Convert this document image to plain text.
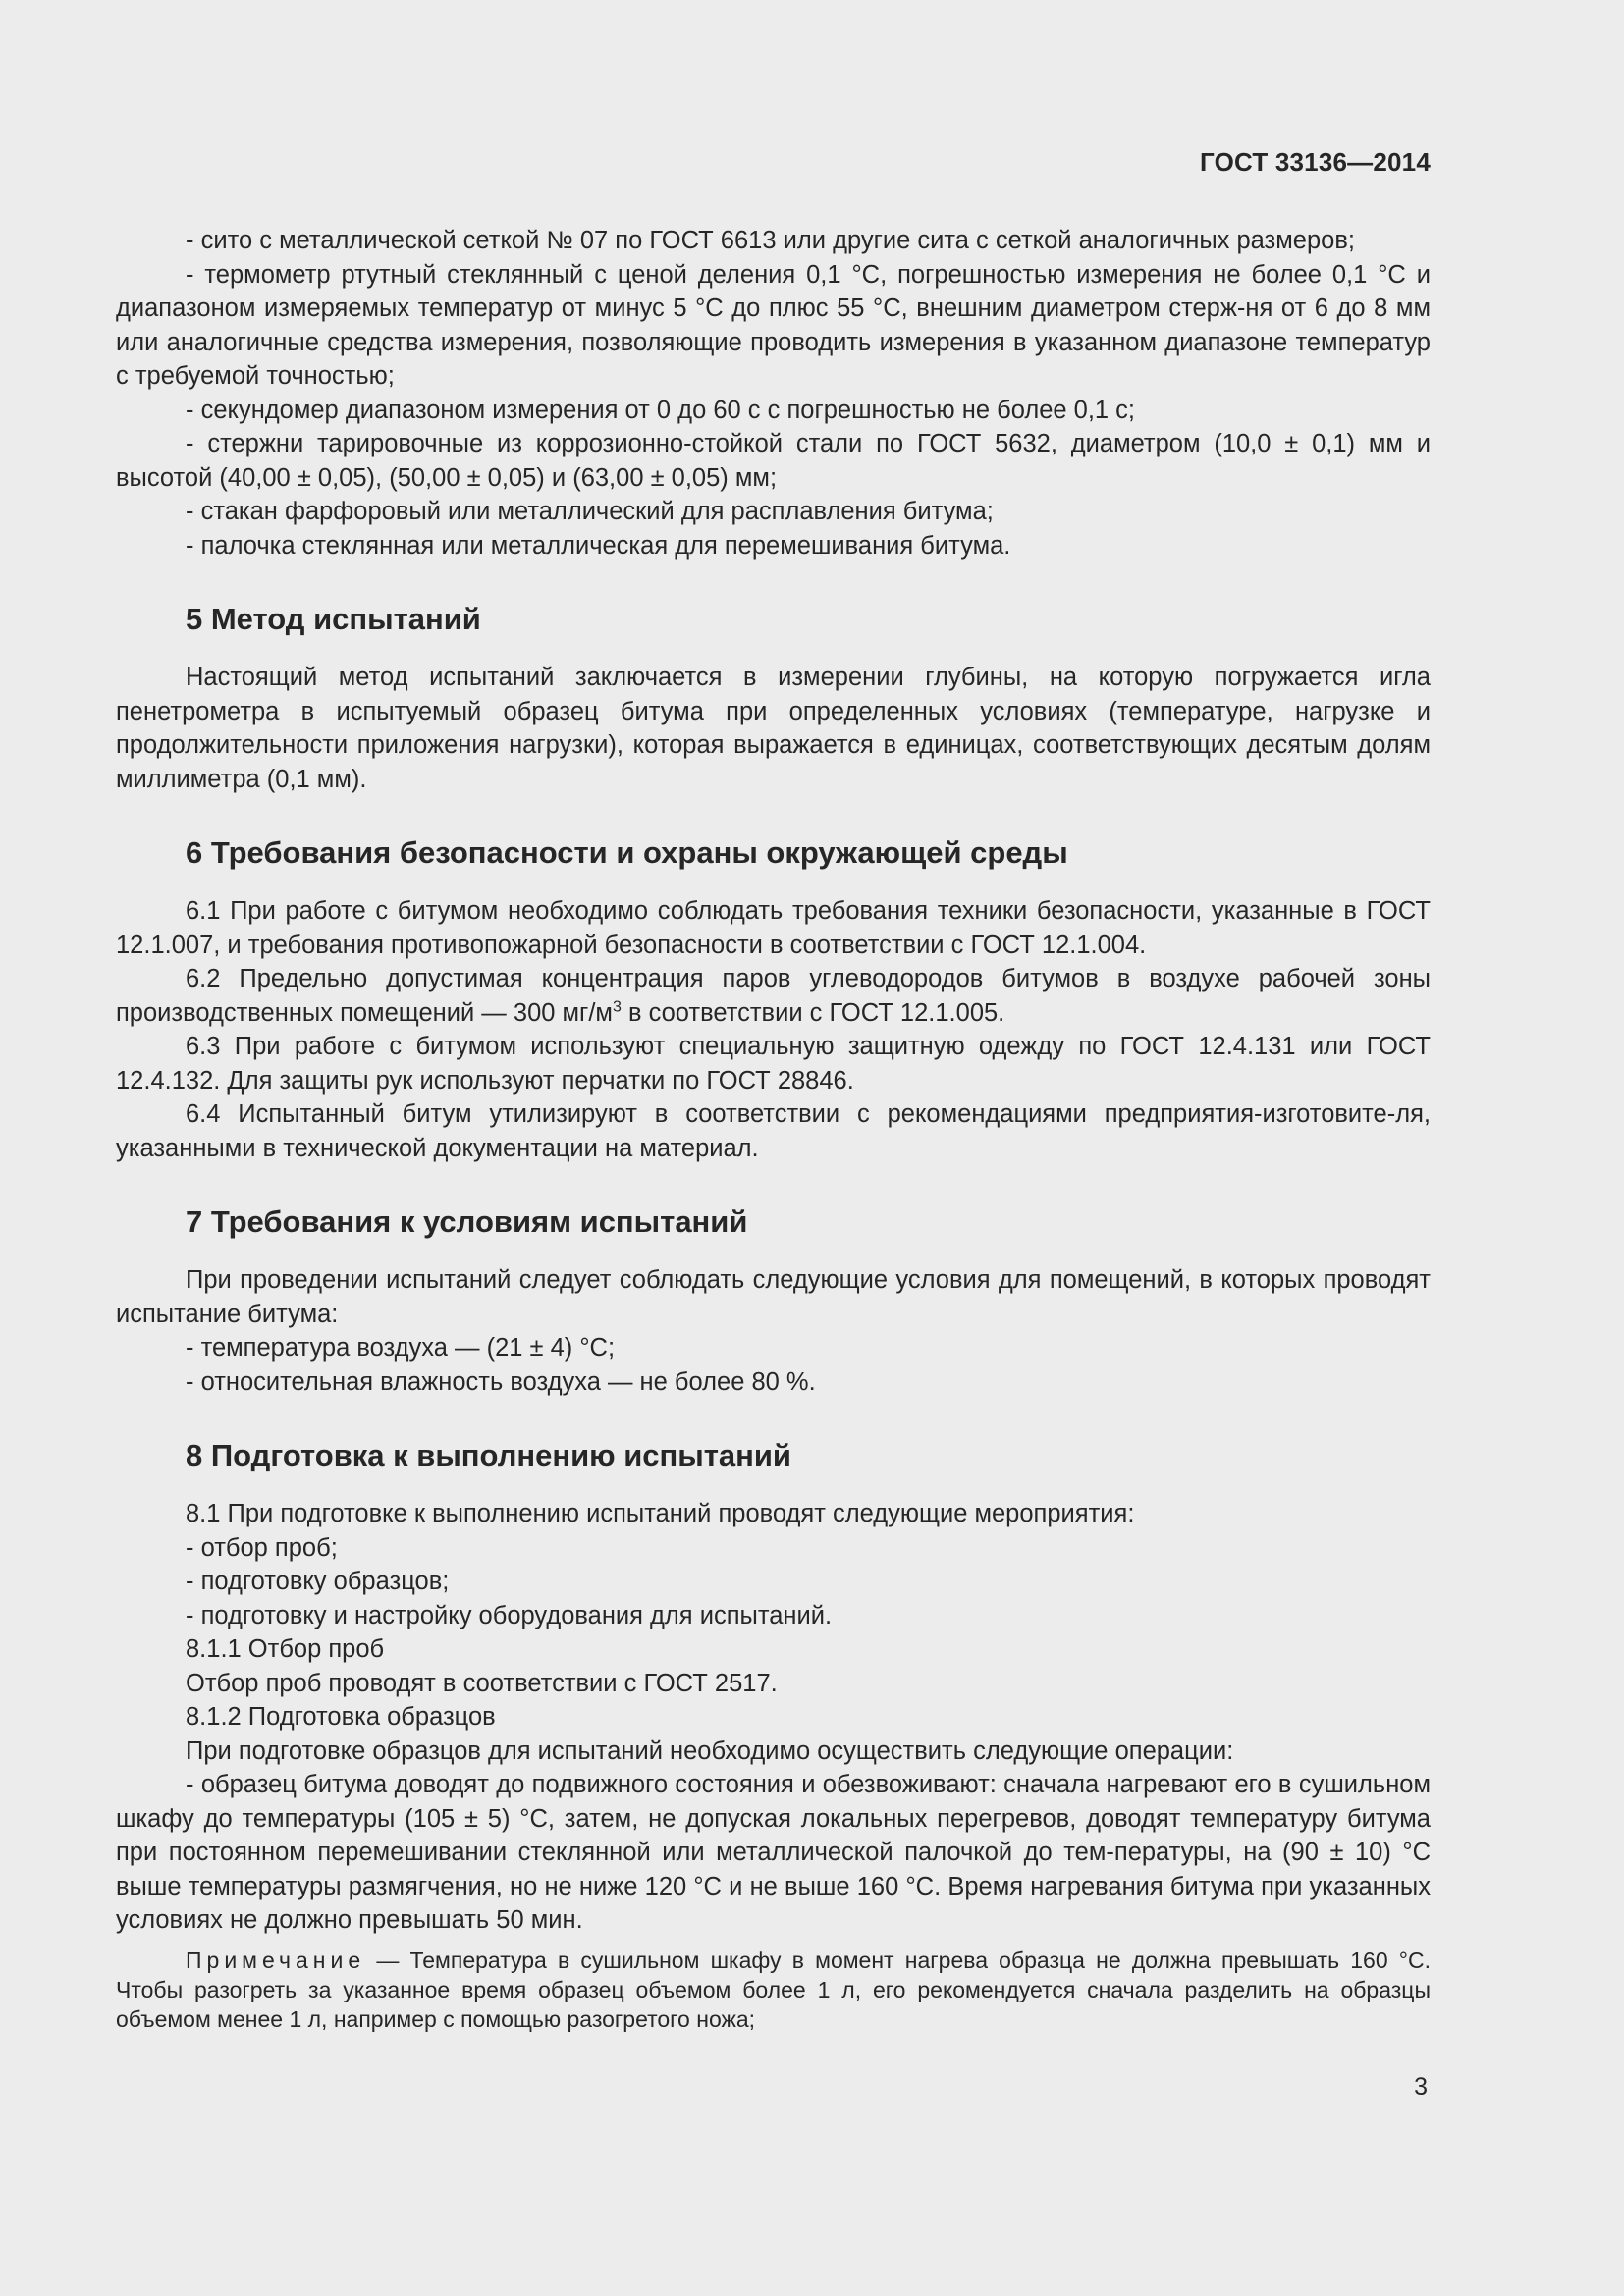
ГОСТ 33136—2014

- сито с металлической сеткой № 07 по ГОСТ 6613 или другие сита с сеткой аналогичных размеров;

- термометр ртутный стеклянный с ценой деления 0,1 °С, погрешностью измерения не более 0,1 °С и диапазоном измеряемых температур от минус 5 °С до плюс 55 °С, внешним диаметром стерж-ня от 6 до 8 мм или аналогичные средства измерения, позволяющие проводить измерения в указанном диапазоне температур с требуемой точностью;

- секундомер диапазоном измерения от 0 до 60 с с погрешностью не более 0,1 с;

- стержни тарировочные из коррозионно-стойкой стали по ГОСТ 5632, диаметром (10,0 ± 0,1) мм и высотой (40,00 ± 0,05), (50,00 ± 0,05) и (63,00 ± 0,05) мм;

- стакан фарфоровый или металлический для расплавления битума;

- палочка стеклянная или металлическая для перемешивания битума.

5 Метод испытаний

Настоящий метод испытаний заключается в измерении глубины, на которую погружается игла пенетрометра в испытуемый образец битума при определенных условиях (температуре, нагрузке и продолжительности приложения нагрузки), которая выражается в единицах, соответствующих десятым долям миллиметра (0,1 мм).

6 Требования безопасности и охраны окружающей среды

6.1 При работе с битумом необходимо соблюдать требования техники безопасности, указанные в ГОСТ 12.1.007, и требования противопожарной безопасности в соответствии с ГОСТ 12.1.004.

6.2 Предельно допустимая концентрация паров углеводородов битумов в воздухе рабочей зоны производственных помещений — 300 $мг/м^3$ в соответствии с ГОСТ 12.1.005.

6.3 При работе с битумом используют специальную защитную одежду по ГОСТ 12.4.131 или ГОСТ 12.4.132. Для защиты рук используют перчатки по ГОСТ 28846.

6.4 Испытанный битум утилизируют в соответствии с рекомендациями предприятия-изготовите-ля, указанными в технической документации на материал.

7 Требования к условиям испытаний

При проведении испытаний следует соблюдать следующие условия для помещений, в которых проводят испытание битума:

- температура воздуха — (21 ± 4) °С;

- относительная влажность воздуха — не более 80 %.

8 Подготовка к выполнению испытаний

8.1 При подготовке к выполнению испытаний проводят следующие мероприятия:

- отбор проб;

- подготовку образцов;

- подготовку и настройку оборудования для испытаний.

8.1.1 Отбор проб

Отбор проб проводят в соответствии с ГОСТ 2517.

8.1.2 Подготовка образцов

При подготовке образцов для испытаний необходимо осуществить следующие операции:

- образец битума доводят до подвижного состояния и обезвоживают: сначала нагревают его в сушильном шкафу до температуры (105 ± 5) °С, затем, не допуская локальных перегревов, доводят температуру битума при постоянном перемешивании стеклянной или металлической палочкой до тем-пературы, на (90 ± 10) °С выше температуры размягчения, но не ниже 120 °С и не выше 160 °С. Время нагревания битума при указанных условиях не должно превышать 50 мин.

Примечание — Температура в сушильном шкафу в момент нагрева образца не должна превышать 160 °С. Чтобы разогреть за указанное время образец объемом более 1 л, его рекомендуется сначала разделить на образцы объемом менее 1 л, например с помощью разогретого ножа;

3
